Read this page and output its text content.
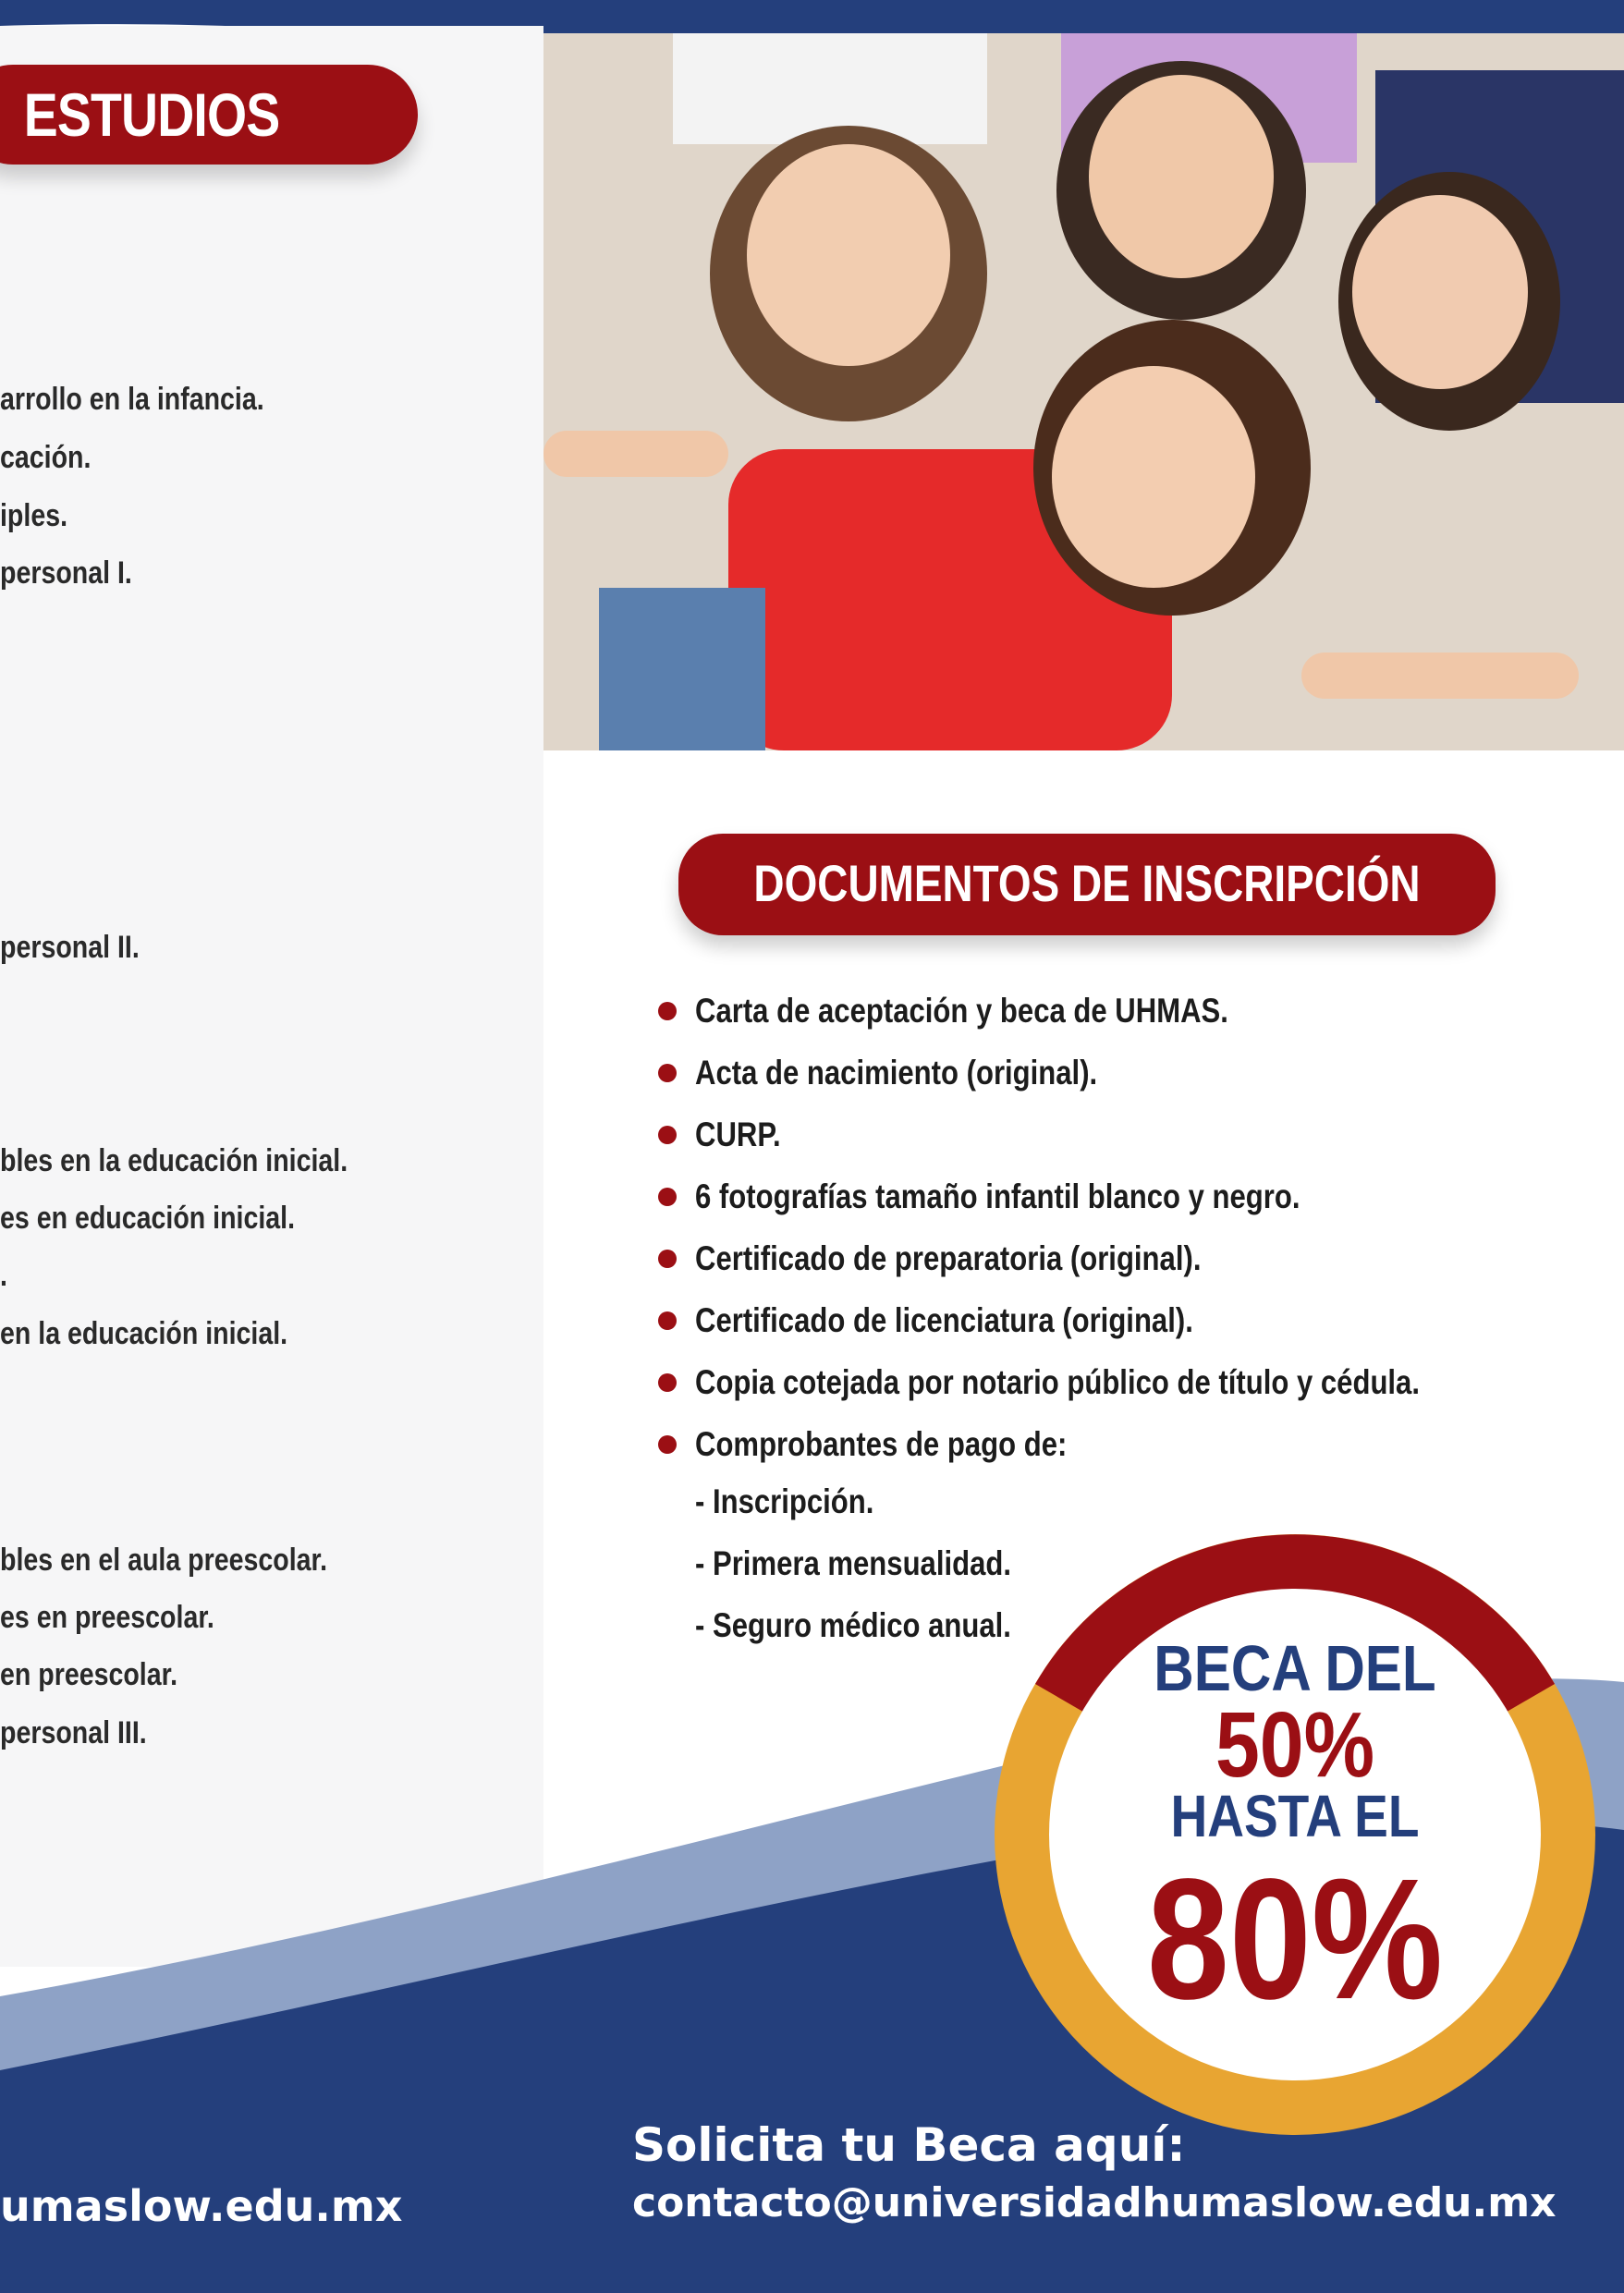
ESTUDIOS
arrollo en la infancia.
cación.
iples.
personal I.
personal II.
bles en la educación inicial.
es en educación inicial.
.
en la educación inicial.
bles en el aula preescolar.
es en preescolar.
en preescolar.
personal III.
DOCUMENTOS DE INSCRIPCIÓN
Carta de aceptación y beca de UHMAS.
Acta de nacimiento (original).
CURP.
6 fotografías tamaño infantil blanco y negro.
Certificado de preparatoria (original).
Certificado de licenciatura (original).
Copia cotejada por notario público de título y cédula.
Comprobantes de pago de:
- Inscripción.
- Primera mensualidad.
- Seguro médico anual.
BECA DEL
50%
HASTA EL
80%
Solicita tu Beca aquí:
contacto@universidadhumaslow.edu.mx
umaslow.edu.mx
